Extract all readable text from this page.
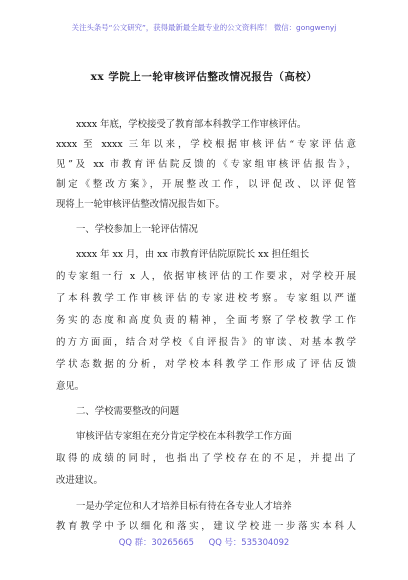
关注头条号“公文研究”，获得最新最全最专业的公文资料库！ 微信：gongwenyj
xx 学院上一轮审核评估整改情况报告（高校）
xxxx 年底，学校接受了教育部本科教学工作审核评估。
xxxx 至 xxxx 三年以来，学校根据审核评估“专家评估意
见”及 xx 市教育评估院反馈的《专家组审核评估报告》，
制定《整改方案》，开展整改工作，以评促改、以评促管
现将上一轮审核评估整改情况报告如下。
一、学校参加上一轮评估情况
xxxx 年 xx 月，由 xx 市教育评估院原院长 xx 担任组长
的专家组一行 x 人，依据审核评估的工作要求，对学校开展
了本科教学工作审核评估的专家进校考察。专家组以严谨
务实的态度和高度负责的精神，全面考察了学校教学工作
的方方面面，结合对学校《自评报告》的审读、对基本教学
学状态数据的分析，对学校本科教学工作形成了评估反馈
意见。
二、学校需要整改的问题
审核评估专家组在充分肯定学校在本科教学工作方面
取得的成绩的同时，也指出了学校存在的不足，并提出了
改进建议。
一是办学定位和人才培养目标有待在各专业人才培养
教育教学中予以细化和落实，建议学校进一步落实本科人
QQ 群：30265665 QQ 号：535304092
